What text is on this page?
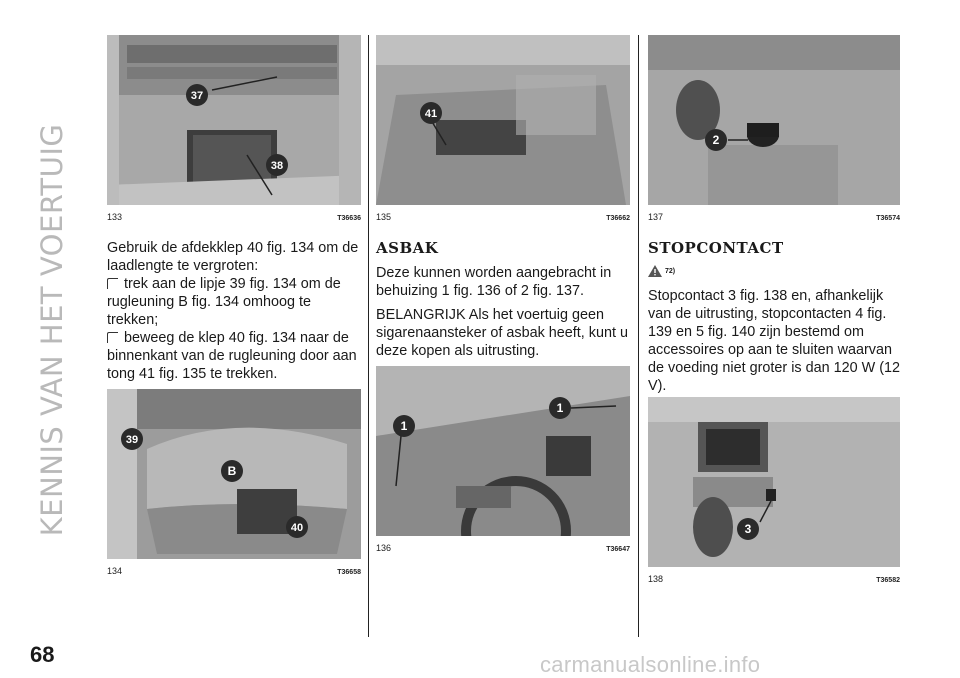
KENNIS VAN HET VOERTUIG
37
38
133	T36636

Gebruik de afdekklep 40 fig. 134 om de laadlengte te vergroten:

trek aan de lipje 39 fig. 134 om de rugleuning B fig. 134 omhoog te trekken;

beweeg de klep 40 fig. 134 naar de binnenkant van de rugleuning door aan tong 41 fig. 135 te trekken.

39
B
40
134	T36658
41
135	T36662
ASBAK

Deze kunnen worden aangebracht in behuizing 1 fig. 136 of 2 fig. 137.

BELANGRIJK Als het voertuig geen sigarenaansteker of asbak heeft, kunt u deze kopen als uitrusting.

1
1
136	T36647
2
137	T36574
STOPCONTACT
72)

Stopcontact 3 fig. 138 en, afhankelijk van de uitrusting, stopcontacten 4 fig. 139 en 5 fig. 140 zijn bestemd om accessoires op aan te sluiten waarvan de voeding niet groter is dan 120 W (12 V).

3
138	T36582
68	carmanualsonline.info
